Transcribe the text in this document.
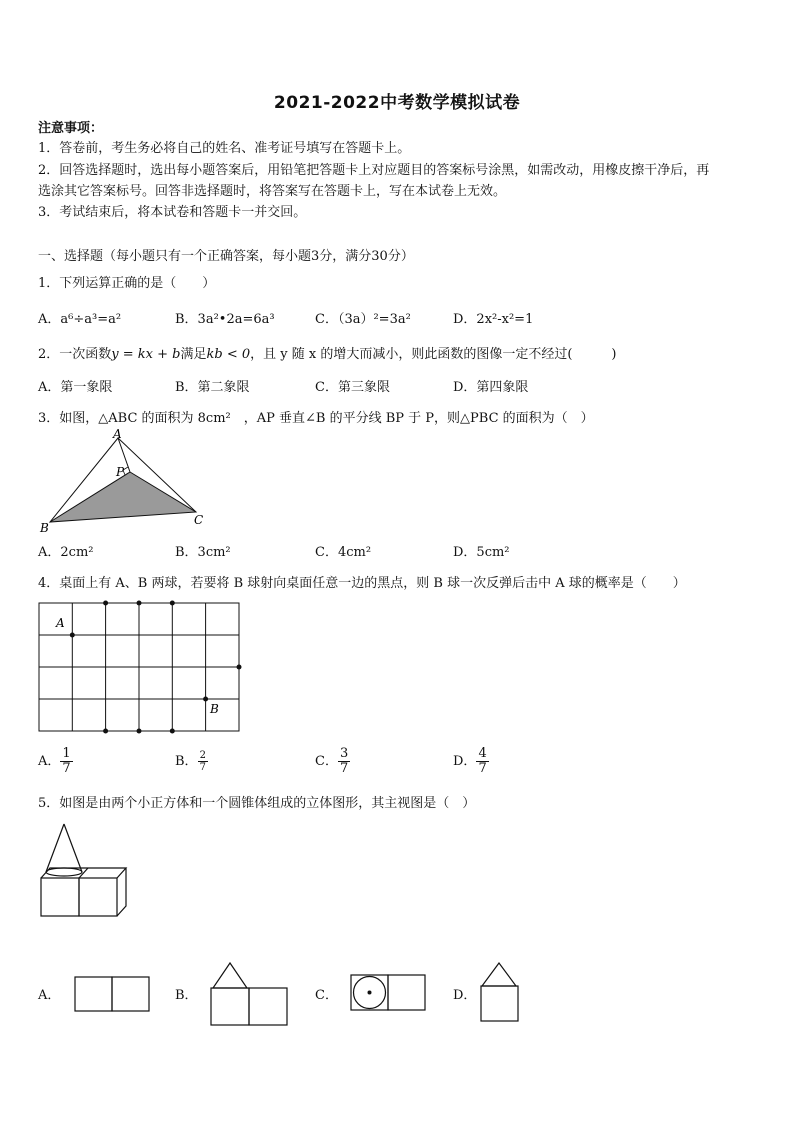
2021-2022中考数学模拟试卷
注意事项：
1．答卷前，考生务必将自己的姓名、准考证号填写在答题卡上。
2．回答选择题时，选出每小题答案后，用铅笔把答题卡上对应题目的答案标号涂黑，如需改动，用橡皮擦干净后，再
选涂其它答案标号。回答非选择题时，将答案写在答题卡上，写在本试卷上无效。
3．考试结束后，将本试卷和答题卡一并交回。
一、选择题（每小题只有一个正确答案，每小题3分，满分30分）
1．下列运算正确的是（　　）
A．a⁶÷a³=a²	B．3a²•2a=6a³	C．（3a）²=3a²	D．2x²-x²=1
2．一次函数y = kx + b满足kb < 0，且 y 随 x 的增大而减小，则此函数的图像一定不经过(　　　)
A．第一象限	B．第二象限	C．第三象限	D．第四象限
3．如图，△ABC 的面积为 8cm²　，AP 垂直∠B 的平分线 BP 于 P，则△PBC 的面积为（　）
A
B
C
P
A．2cm²	B．3cm²	C．4cm²	D．5cm²
4．桌面上有 A、B 两球，若要将 B 球射向桌面任意一边的黑点，则 B 球一次反弹后击中 A 球的概率是（　　）
A
B
A． $\frac{1}{7}$	B． $\frac{2}{7}$	C． $\frac{3}{7}$	D． $\frac{4}{7}$
5．如图是由两个小正方体和一个圆锥体组成的立体图形，其主视图是（　）
A．	B．	C．	D．
